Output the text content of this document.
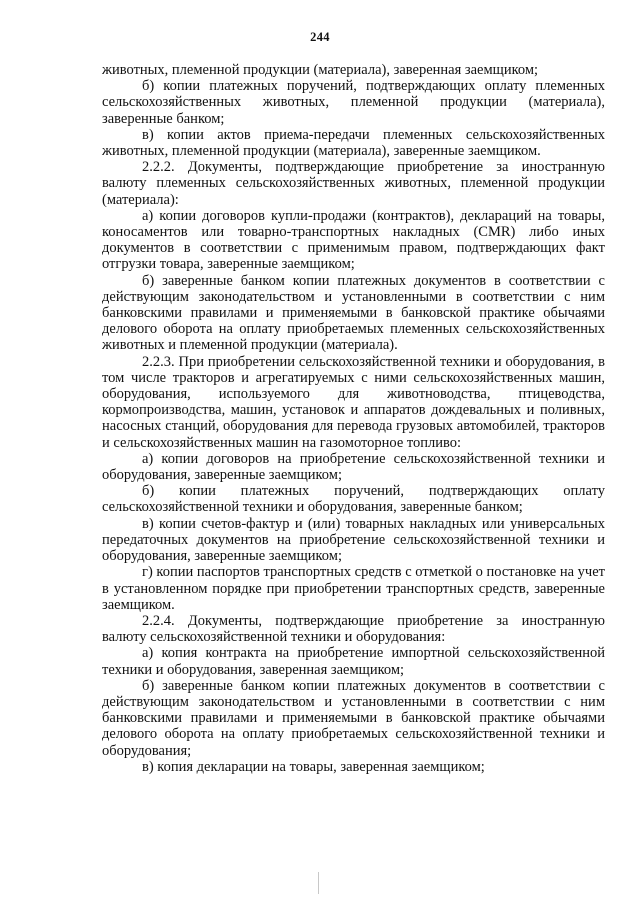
244

животных, племенной продукции (материала), заверенная заемщиком;

б) копии платежных поручений, подтверждающих оплату племенных сельскохозяйственных животных, племенной продукции (материала), заверенные банком;

в) копии актов приема-передачи племенных сельскохозяйственных животных, племенной продукции (материала), заверенные заемщиком.

2.2.2. Документы, подтверждающие приобретение за иностранную валюту племенных сельскохозяйственных животных, племенной продукции (материала):

а) копии договоров купли-продажи (контрактов), деклараций на товары, коносаментов или товарно-транспортных накладных (CMR) либо иных документов в соответствии с применимым правом, подтверждающих факт отгрузки товара, заверенные заемщиком;

б) заверенные банком копии платежных документов в соответствии с действующим законодательством и установленными в соответствии с ним банковскими правилами и применяемыми в банковской практике обычаями делового оборота на оплату приобретаемых племенных сельскохозяйственных животных и племенной продукции (материала).

2.2.3. При приобретении сельскохозяйственной техники и оборудования, в том числе тракторов и агрегатируемых с ними сельскохозяйственных машин, оборудования, используемого для животноводства, птицеводства, кормопроизводства, машин, установок и аппаратов дождевальных и поливных, насосных станций, оборудования для перевода грузовых автомобилей, тракторов и сельскохозяйственных машин на газомоторное топливо:

а) копии договоров на приобретение сельскохозяйственной техники и оборудования, заверенные заемщиком;

б) копии платежных поручений, подтверждающих оплату сельскохозяйственной техники и оборудования, заверенные банком;

в) копии счетов-фактур и (или) товарных накладных или универсальных передаточных документов на приобретение сельскохозяйственной техники и оборудования, заверенные заемщиком;

г) копии паспортов транспортных средств с отметкой о постановке на учет в установленном порядке при приобретении транспортных средств, заверенные заемщиком.

2.2.4. Документы, подтверждающие приобретение за иностранную валюту сельскохозяйственной техники и оборудования:

а) копия контракта на приобретение импортной сельскохозяйственной техники и оборудования, заверенная заемщиком;

б) заверенные банком копии платежных документов в соответствии с действующим законодательством и установленными в соответствии с ним банковскими правилами и применяемыми в банковской практике обычаями делового оборота на оплату приобретаемых сельскохозяйственной техники и оборудования;

в) копия декларации на товары, заверенная заемщиком;
